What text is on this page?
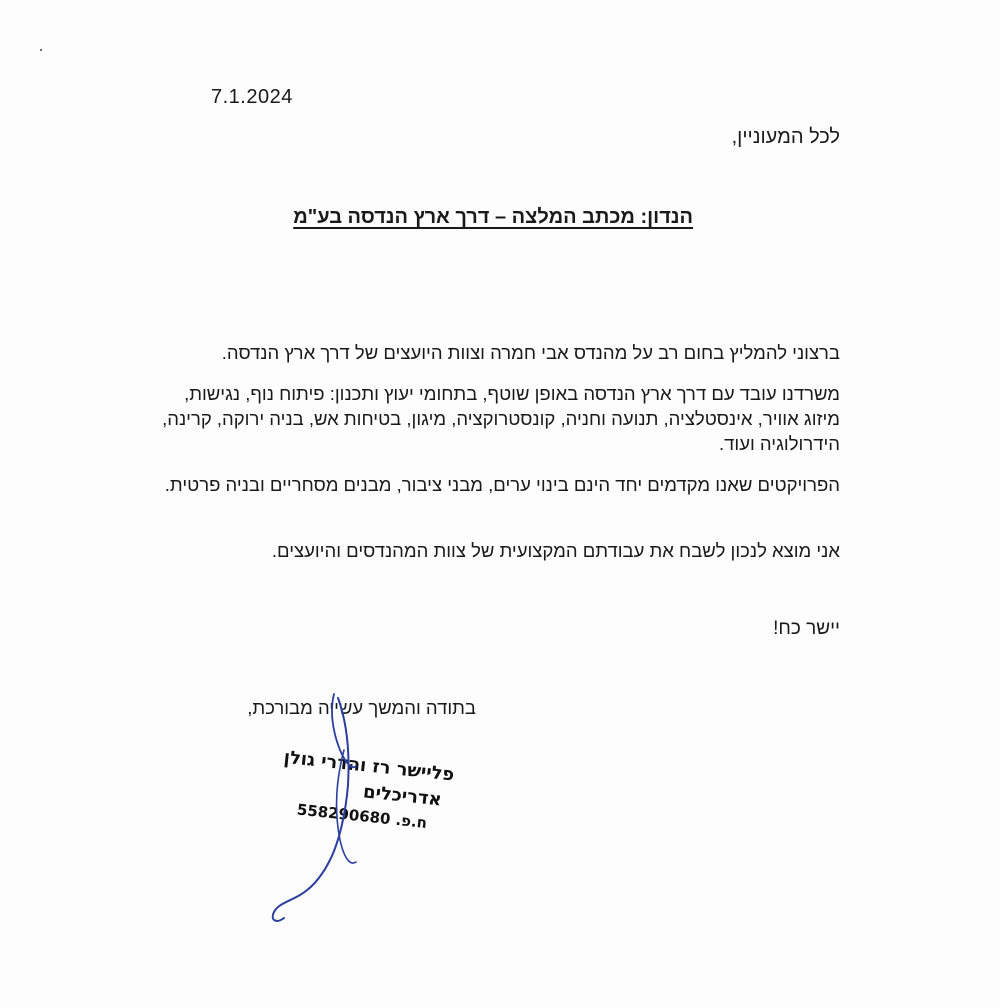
7.1.2024
לכל המעוניין,
הנדון: מכתב המלצה – דרך ארץ הנדסה בע"מ
ברצוני להמליץ בחום רב על מהנדס אבי חמרה וצוות היועצים של דרך ארץ הנדסה.
משרדנו עובד עם דרך ארץ הנדסה באופן שוטף, בתחומי יעוץ ותכנון: פיתוח נוף, נגישות, מיזוג אוויר, אינסטלציה, תנועה וחניה, קונסטרוקציה, מיגון, בטיחות אש, בניה ירוקה, קרינה, הידרולוגיה ועוד.
הפרויקטים שאנו מקדמים יחד הינם בינוי ערים, מבני ציבור, מבנים מסחריים ובניה פרטית.
אני מוצא לנכון לשבח את עבודתם המקצועית של צוות המהנדסים והיועצים.
יישר כח!
בתודה והמשך עשייה מבורכת,
פליישר רז והדרי גולן
אדריכלים
ח.פ. 558290680
